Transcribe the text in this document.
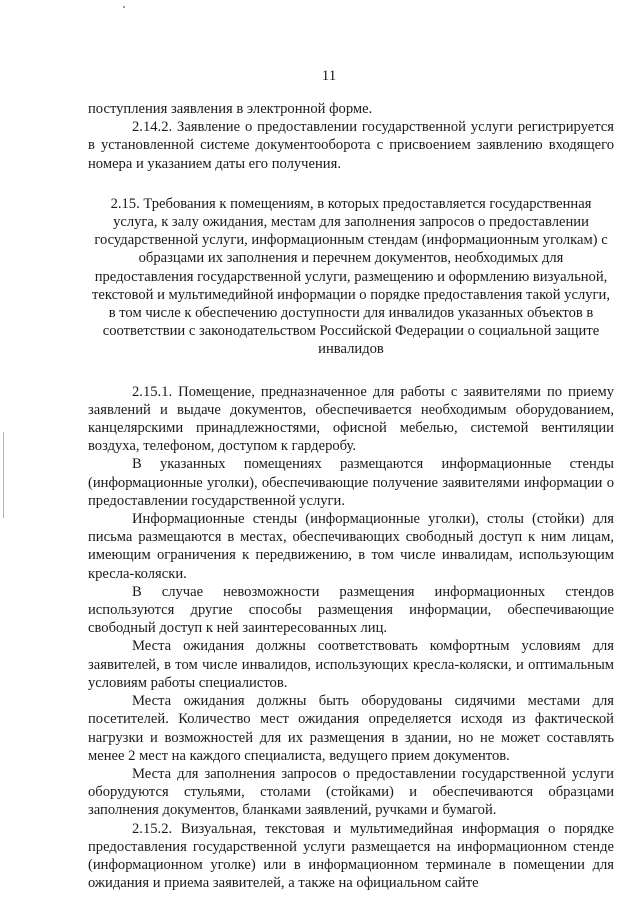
11

поступления заявления в электронной форме.

2.14.2. Заявление о предоставлении государственной услуги регистрируется в установленной системе документооборота с присвоением заявлению входящего номера и указанием даты его получения.

2.15. Требования к помещениям, в которых предоставляется государственная услуга, к залу ожидания, местам для заполнения запросов о предоставлении государственной услуги, информационным стендам (информационным уголкам) с образцами их заполнения и перечнем документов, необходимых для предоставления государственной услуги, размещению и оформлению визуальной, текстовой и мультимедийной информации о порядке предоставления такой услуги, в том числе к обеспечению доступности для инвалидов указанных объектов в соответствии с законодательством Российской Федерации о социальной защите инвалидов

2.15.1. Помещение, предназначенное для работы с заявителями по приему заявлений и выдаче документов, обеспечивается необходимым оборудованием, канцелярскими принадлежностями, офисной мебелью, системой вентиляции воздуха, телефоном, доступом к гардеробу.

В указанных помещениях размещаются информационные стенды (информационные уголки), обеспечивающие получение заявителями информации о предоставлении государственной услуги.

Информационные стенды (информационные уголки), столы (стойки) для письма размещаются в местах, обеспечивающих свободный доступ к ним лицам, имеющим ограничения к передвижению, в том числе инвалидам, использующим кресла-коляски.

В случае невозможности размещения информационных стендов используются другие способы размещения информации, обеспечивающие свободный доступ к ней заинтересованных лиц.

Места ожидания должны соответствовать комфортным условиям для заявителей, в том числе инвалидов, использующих кресла-коляски, и оптимальным условиям работы специалистов.

Места ожидания должны быть оборудованы сидячими местами для посетителей. Количество мест ожидания определяется исходя из фактической нагрузки и возможностей для их размещения в здании, но не может составлять менее 2 мест на каждого специалиста, ведущего прием документов.

Места для заполнения запросов о предоставлении государственной услуги оборудуются стульями, столами (стойками) и обеспечиваются образцами заполнения документов, бланками заявлений, ручками и бумагой.

2.15.2. Визуальная, текстовая и мультимедийная информация о порядке предоставления государственной услуги размещается на информационном стенде (информационном уголке) или в информационном терминале в помещении для ожидания и приема заявителей, а также на официальном сайте
